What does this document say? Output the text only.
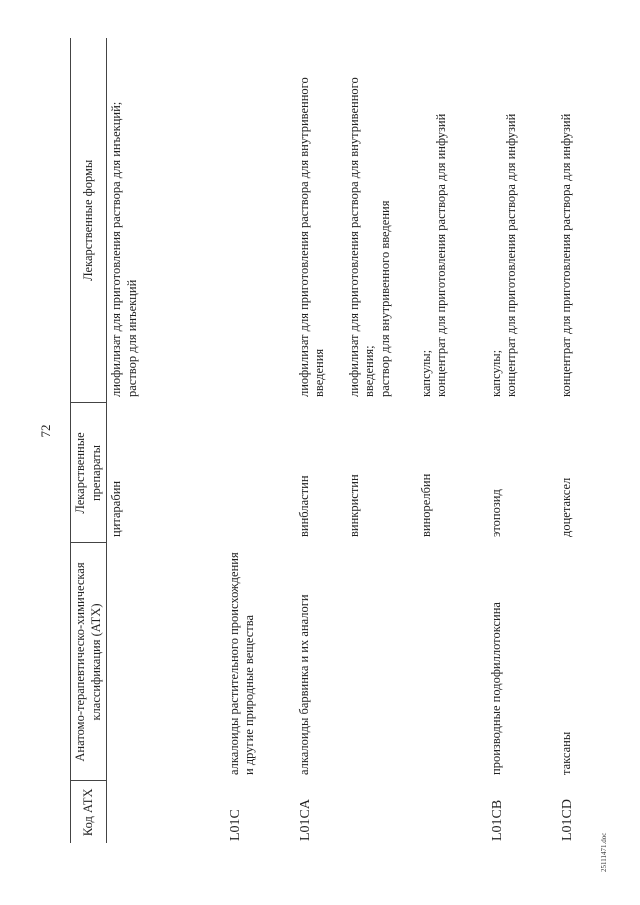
72
Код АТХ	Анатомо-терапевтическо-химическая классификация (АТХ)	Лекарственные препараты	Лекарственные формы
		цитарабин	лиофилизат для приготовления раствора для инъекций; раствор для инъекций

L01C	алкалоиды растительного происхождения и другие природные вещества		
L01CA	алкалоиды барвинка и их аналоги	винбластин	лиофилизат для приготовления раствора для внутривенного введения

		винкристин	лиофилизат для приготовления раствора для внутривенного введения; раствор для внутривенного введения

		винорелбин	капсулы; концентрат для приготовления раствора для инфузий

L01CB	производные подофиллотоксина	этопозид	капсулы; концентрат для приготовления раствора для инфузий

L01CD	таксаны	доцетаксел	концентрат для приготовления раствора для инфузий
25111471.doc
